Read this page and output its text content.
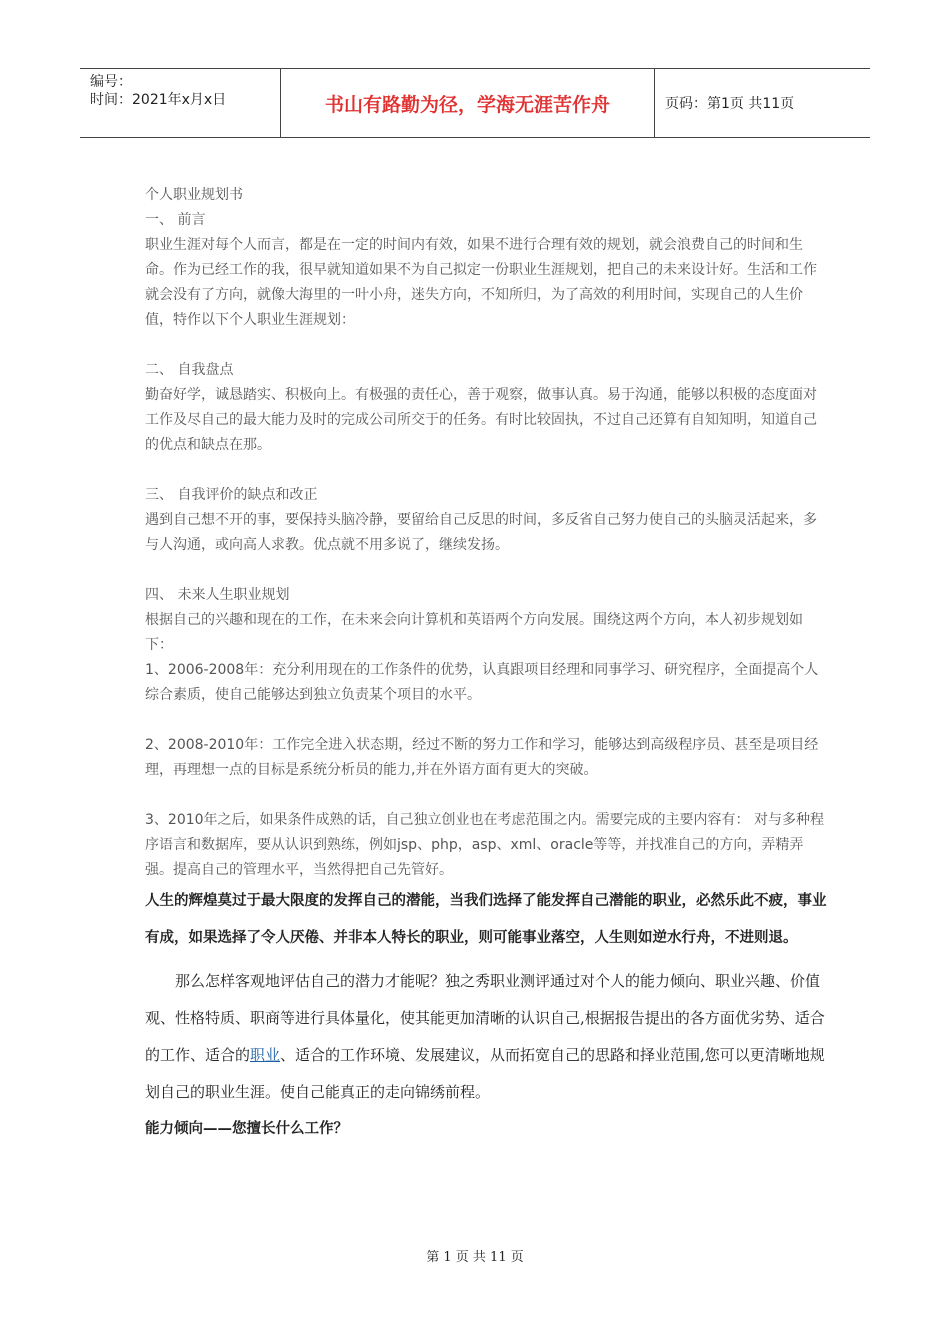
编号：
时间：2021年x月x日	书山有路勤为径，学海无涯苦作舟	页码：第1页 共11页

个人职业规划书

一、 前言

职业生涯对每个人而言，都是在一定的时间内有效，如果不进行合理有效的规划，就会浪费自己的时间和生命。作为已经工作的我，很早就知道如果不为自己拟定一份职业生涯规划，把自己的未来设计好。生活和工作就会没有了方向，就像大海里的一叶小舟，迷失方向，不知所归，为了高效的利用时间，实现自己的人生价值，特作以下个人职业生涯规划：

二、 自我盘点

勤奋好学，诚恳踏实、积极向上。有极强的责任心，善于观察，做事认真。易于沟通，能够以积极的态度面对工作及尽自己的最大能力及时的完成公司所交于的任务。有时比较固执，不过自己还算有自知知明，知道自己的优点和缺点在那。

三、 自我评价的缺点和改正

遇到自己想不开的事，要保持头脑冷静，要留给自己反思的时间，多反省自己努力使自己的头脑灵活起来，多与人沟通，或向高人求教。优点就不用多说了，继续发扬。

四、 未来人生职业规划

根据自己的兴趣和现在的工作，在未来会向计算机和英语两个方向发展。围绕这两个方向，本人初步规划如下：

1、2006-2008年：充分利用现在的工作条件的优势，认真跟项目经理和同事学习、研究程序，全面提高个人综合素质，使自己能够达到独立负责某个项目的水平。

2、2008-2010年：工作完全进入状态期，经过不断的努力工作和学习，能够达到高级程序员、甚至是项目经理，再理想一点的目标是系统分析员的能力,并在外语方面有更大的突破。

3、2010年之后，如果条件成熟的话，自己独立创业也在考虑范围之内。需要完成的主要内容有： 对与多种程序语言和数据库，要从认识到熟练，例如jsp、php，asp、xml、oracle等等，并找准自己的方向，弄精弄强。提高自己的管理水平，当然得把自己先管好。

人生的辉煌莫过于最大限度的发挥自己的潜能，当我们选择了能发挥自己潜能的职业，必然乐此不疲，事业有成，如果选择了令人厌倦、并非本人特长的职业，则可能事业落空，人生则如逆水行舟，不进则退。

那么怎样客观地评估自己的潜力才能呢？独之秀职业测评通过对个人的能力倾向、职业兴趣、价值观、性格特质、职商等进行具体量化，使其能更加清晰的认识自己,根据报告提出的各方面优劣势、适合的工作、适合的职业、适合的工作环境、发展建议，从而拓宽自己的思路和择业范围,您可以更清晰地规划自己的职业生涯。使自己能真正的走向锦绣前程。

能力倾向——您擅长什么工作？

第 1 页 共 11 页
